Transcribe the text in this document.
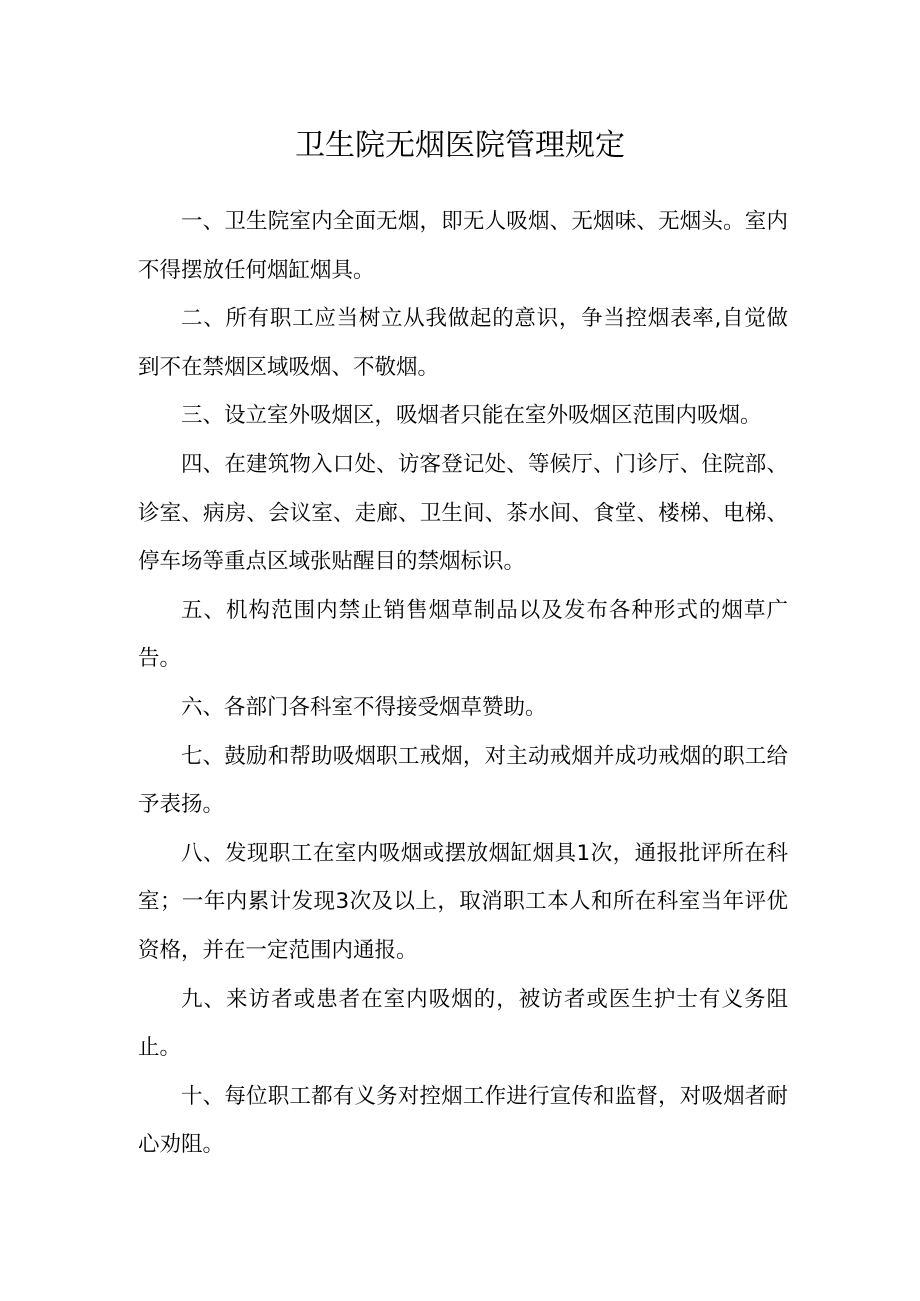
卫生院无烟医院管理规定

一、卫生院室内全面无烟，即无人吸烟、无烟味、无烟头。室内不得摆放任何烟缸烟具。

二、所有职工应当树立从我做起的意识，争当控烟表率,自觉做到不在禁烟区域吸烟、不敬烟。

三、设立室外吸烟区，吸烟者只能在室外吸烟区范围内吸烟。

四、在建筑物入口处、访客登记处、等候厅、门诊厅、住院部、诊室、病房、会议室、走廊、卫生间、茶水间、食堂、楼梯、电梯、停车场等重点区域张贴醒目的禁烟标识。

五、机构范围内禁止销售烟草制品以及发布各种形式的烟草广告。

六、各部门各科室不得接受烟草赞助。

七、鼓励和帮助吸烟职工戒烟，对主动戒烟并成功戒烟的职工给予表扬。

八、发现职工在室内吸烟或摆放烟缸烟具1次，通报批评所在科室；一年内累计发现3次及以上，取消职工本人和所在科室当年评优资格，并在一定范围内通报。

九、来访者或患者在室内吸烟的，被访者或医生护士有义务阻止。

十、每位职工都有义务对控烟工作进行宣传和监督，对吸烟者耐心劝阻。
